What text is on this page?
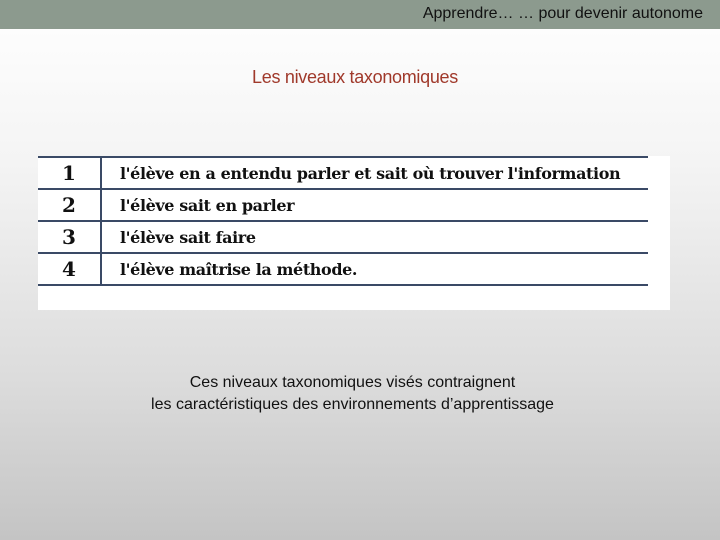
Apprendre… … pour devenir autonome
Les niveaux taxonomiques
1	l'élève en a entendu parler et sait où trouver l'information
2	l'élève sait en parler
3	l'élève sait faire
4	l'élève maîtrise la méthode.
Ces niveaux taxonomiques visés contraignent
les caractéristiques des environnements d’apprentissage
